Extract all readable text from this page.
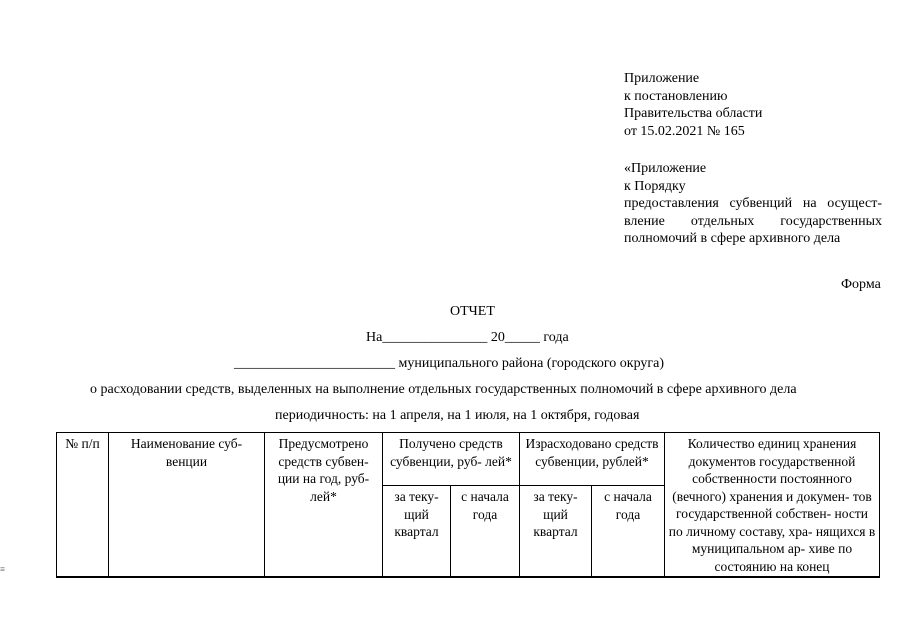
Приложение
к постановлению
Правительства области
от 15.02.2021 № 165
«Приложение
к Порядку
предоставления субвенций на осущест-
вление отдельных государственных
полномочий в сфере архивного дела
Форма
ОТЧЕТ
На_______________ 20_____ года
_______________________ муниципального района (городского округа)
о расходовании средств, выделенных на выполнение отдельных государственных полномочий в сфере архивного дела
периодичность: на 1 апреля, на 1 июля, на 1 октября, годовая
≡
№ п/п	Наименование суб- венции	Предусмотрено средств субвен- ции на год, руб- лей*	Получено средств субвенции, руб- лей*		Израсходовано средств субвенции, рублей*		Количество единиц хранения документов государственной собственности постоянного (вечного) хранения и докумен- тов государственной собствен- ности по личному составу, хра- нящихся в муниципальном ар- хиве по состоянию на конец
			за теку- щий квартал	с начала года	за теку- щий квартал	с начала года	
